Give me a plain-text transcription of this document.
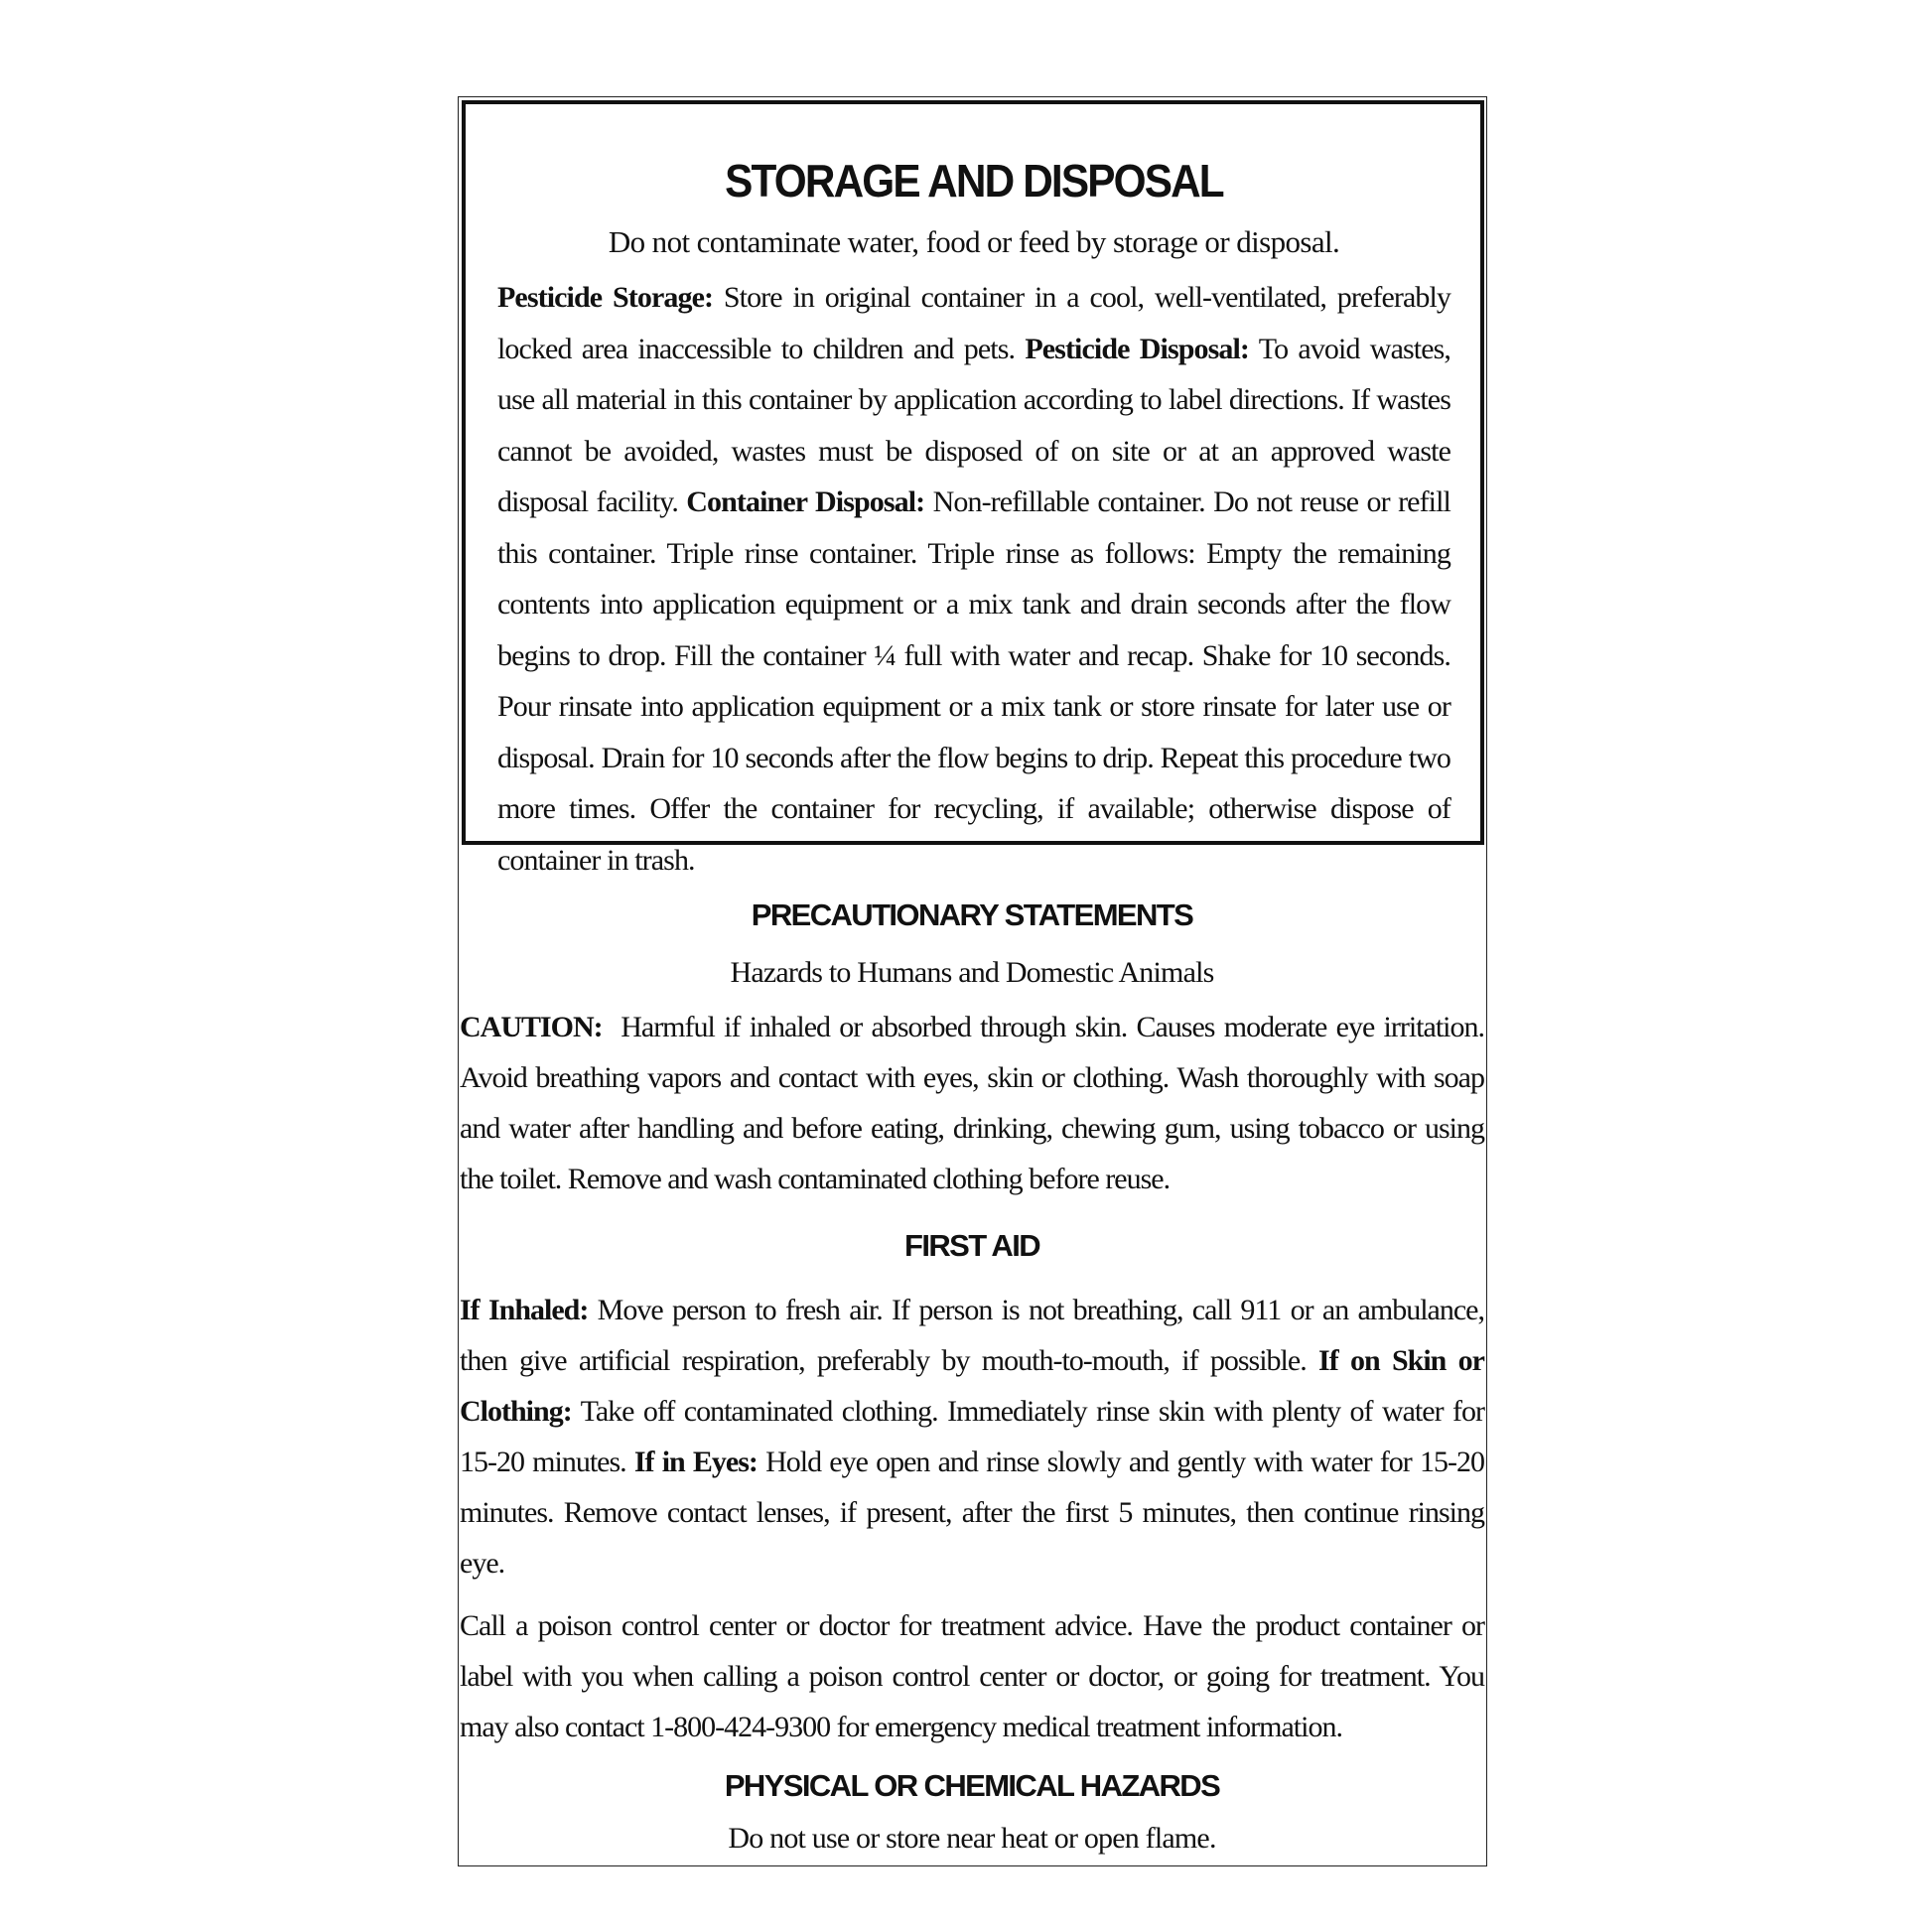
STORAGE AND DISPOSAL

Do not contaminate water, food or feed by storage or disposal.

Pesticide Storage: Store in original container in a cool, well-ventilated, preferably locked area inaccessible to children and pets. Pesticide Disposal: To avoid wastes, use all material in this container by application according to label directions. If wastes cannot be avoided, wastes must be disposed of on site or at an approved waste disposal facility. Container Disposal: Non-refillable container. Do not reuse or refill this container. Triple rinse container. Triple rinse as follows: Empty the remaining contents into application equipment or a mix tank and drain seconds after the flow begins to drop. Fill the container ¼ full with water and recap. Shake for 10 seconds. Pour rinsate into application equipment or a mix tank or store rinsate for later use or disposal. Drain for 10 seconds after the flow begins to drip. Repeat this procedure two more times. Offer the container for recycling, if available; otherwise dispose of container in trash.

PRECAUTIONARY STATEMENTS

Hazards to Humans and Domestic Animals

CAUTION:  Harmful if inhaled or absorbed through skin. Causes moderate eye irritation. Avoid breathing vapors and contact with eyes, skin or clothing. Wash thoroughly with soap and water after handling and before eating, drinking, chewing gum, using tobacco or using the toilet. Remove and wash contaminated clothing before reuse.

FIRST AID

If Inhaled: Move person to fresh air. If person is not breathing, call 911 or an ambulance, then give artificial respiration, preferably by mouth-to-mouth, if possible. If on Skin or Clothing: Take off contaminated clothing. Immediately rinse skin with plenty of water for 15-20 minutes. If in Eyes: Hold eye open and rinse slowly and gently with water for 15-20 minutes. Remove contact lenses, if present, after the first 5 minutes, then continue rinsing eye.

Call a poison control center or doctor for treatment advice. Have the product container or label with you when calling a poison control center or doctor, or going for treatment. You may also contact 1-800-424-9300 for emergency medical treatment information.

PHYSICAL OR CHEMICAL HAZARDS

Do not use or store near heat or open flame.
